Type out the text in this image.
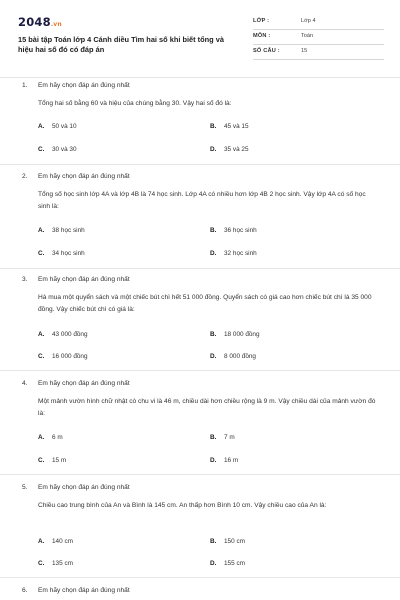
2048.vn
15 bài tập Toán lớp 4 Cánh diều Tìm hai số khi biết tổng và hiệu hai số đó có đáp án
LỚP :	Lớp 4
MÔN :	Toán
SỐ CÂU :	15
1. Em hãy chọn đáp án đúng nhất
Tổng hai số bằng 60 và hiệu của chúng bằng 30. Vậy hai số đó là:
A. 50 và 10	B. 45 và 15
C. 30 và 30	D. 35 và 25
2. Em hãy chọn đáp án đúng nhất
Tổng số học sinh lớp 4A và lớp 4B là 74 học sinh. Lớp 4A có nhiều hơn lớp 4B 2 học sinh. Vậy lớp 4A có số học sinh là:
A. 38 học sinh	B. 36 học sinh
C. 34 học sinh	D. 32 học sinh
3. Em hãy chọn đáp án đúng nhất
Hà mua một quyển sách và một chiếc bút chì hết 51 000 đồng. Quyển sách có giá cao hơn chiếc bút chì là 35 000 đồng. Vậy chiếc bút chì có giá là:
A. 43 000 đồng	B. 18 000 đồng
C. 16 000 đồng	D. 8 000 đồng
4. Em hãy chọn đáp án đúng nhất
Một mảnh vườn hình chữ nhật có chu vi là 46 m, chiều dài hơn chiều rộng là 9 m. Vậy chiều dài của mảnh vườn đó là:
A. 6 m	B. 7 m
C. 15 m	D. 16 m
5. Em hãy chọn đáp án đúng nhất
Chiều cao trung bình của An và Bình là 145 cm. An thấp hơn Bình 10 cm. Vậy chiều cao của An là:
A. 140 cm	B. 150 cm
C. 135 cm	D. 155 cm
6. Em hãy chọn đáp án đúng nhất
